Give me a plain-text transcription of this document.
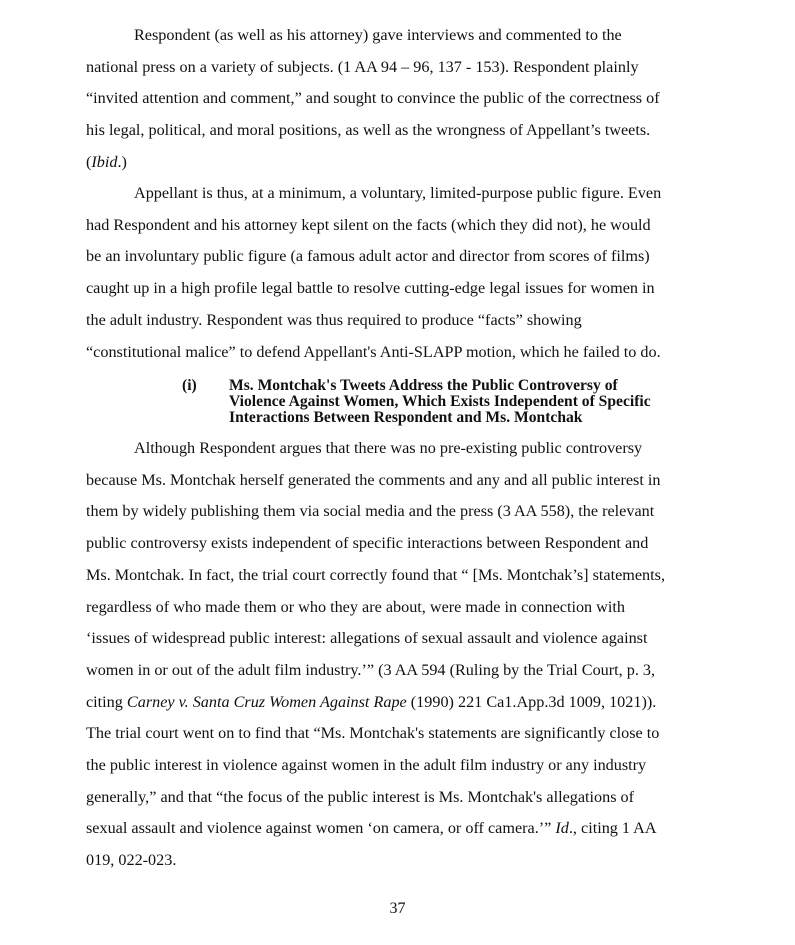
Respondent (as well as his attorney) gave interviews and commented to the
national press on a variety of subjects. (1 AA 94 – 96, 137 - 153). Respondent plainly
“invited attention and comment,” and sought to convince the public of the correctness of
his legal, political, and moral positions, as well as the wrongness of Appellant’s tweets.
(Ibid.)

Appellant is thus, at a minimum, a voluntary, limited-purpose public figure. Even
had Respondent and his attorney kept silent on the facts (which they did not), he would
be an involuntary public figure (a famous adult actor and director from scores of films)
caught up in a high profile legal battle to resolve cutting-edge legal issues for women in
the adult industry. Respondent was thus required to produce “facts” showing
“constitutional malice” to defend Appellant's Anti-SLAPP motion, which he failed to do.

(i) Ms. Montchak's Tweets Address the Public Controversy of
Violence Against Women, Which Exists Independent of Specific
Interactions Between Respondent and Ms. Montchak

Although Respondent argues that there was no pre-existing public controversy
because Ms. Montchak herself generated the comments and any and all public interest in
them by widely publishing them via social media and the press (3 AA 558), the relevant
public controversy exists independent of specific interactions between Respondent and
Ms. Montchak. In fact, the trial court correctly found that “ [Ms. Montchak’s] statements,
regardless of who made them or who they are about, were made in connection with
‘issues of widespread public interest: allegations of sexual assault and violence against
women in or out of the adult film industry.’” (3 AA 594 (Ruling by the Trial Court, p. 3,
citing Carney v. Santa Cruz Women Against Rape (1990) 221 Ca1.App.3d 1009, 1021)).
The trial court went on to find that “Ms. Montchak's statements are significantly close to
the public interest in violence against women in the adult film industry or any industry
generally,” and that “the focus of the public interest is Ms. Montchak's allegations of
sexual assault and violence against women ‘on camera, or off camera.’” Id., citing 1 AA
019, 022-023.

37
